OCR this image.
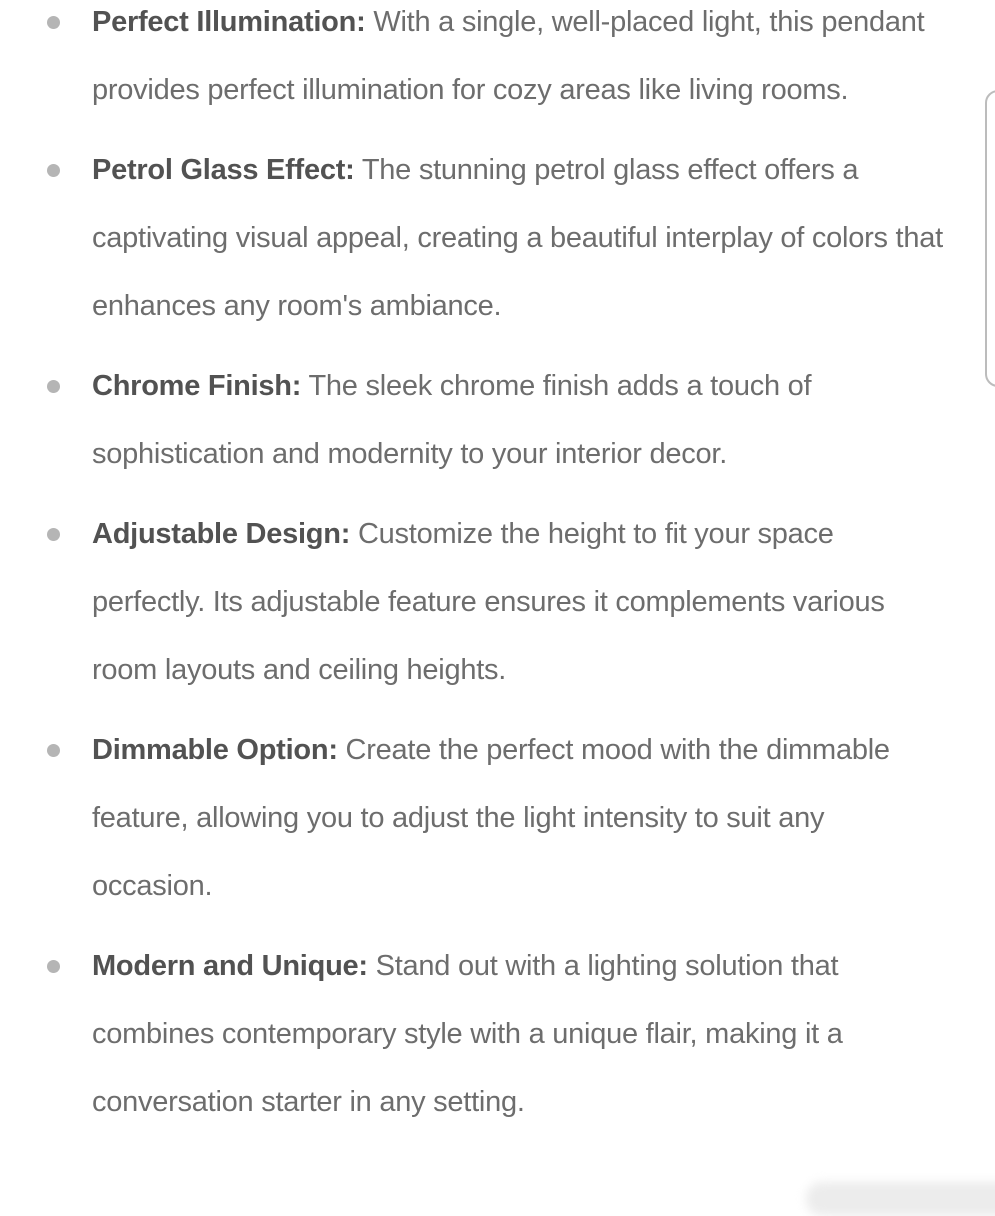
Perfect Illumination: With a single, well-placed light, this pendant provides perfect illumination for cozy areas like living rooms.

Petrol Glass Effect: The stunning petrol glass effect offers a captivating visual appeal, creating a beautiful interplay of colors that enhances any room's ambiance.

Chrome Finish: The sleek chrome finish adds a touch of sophistication and modernity to your interior decor.

Adjustable Design: Customize the height to fit your space perfectly. Its adjustable feature ensures it complements various room layouts and ceiling heights.

Dimmable Option: Create the perfect mood with the dimmable feature, allowing you to adjust the light intensity to suit any occasion.

Modern and Unique: Stand out with a lighting solution that combines contemporary style with a unique flair, making it a conversation starter in any setting.
